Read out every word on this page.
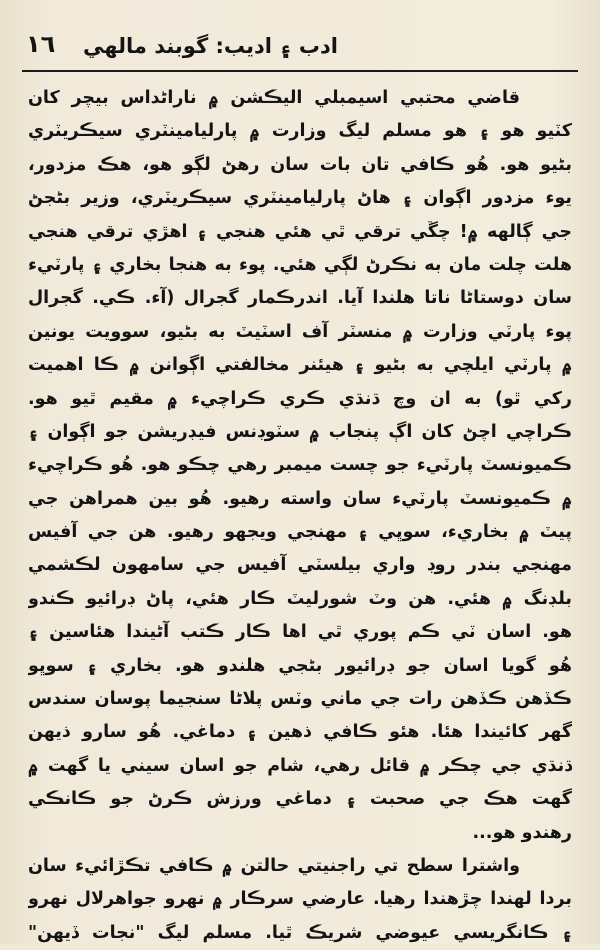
١٦ ادب ۽ اديب: گوبند مالهي
قاضي محتبي اسيمبلي اليڪشن ۾ ناراڻداس بيچر کان
کٽيو هو ۽ هو مسلم ليگ وزارت ۾ پارليامينٽري سيڪريٽري
بڻيو هو. هُو ڪافي تان بات سان رهڻ لڳو هو، هڪ مزدور،
يوء مزدور اڳوان ۽ هاڻ پارليامينٽري سيڪريٽري، وزير بڻجڻ
جي ڳالهه ۾! چڱي ترقي ٿي هئي هنجي ۽ اهڙي ترقي هنجي
هلت چلت مان به نڪرڻ لڳي هئي. پوء به هنجا بخاري ۽ پارٽيء
سان دوستاڻا ناتا هلندا آيا. اندرڪمار گجرال (آء. ڪي. گجرال
پوء پارٽي وزارت ۾ منسٽر آف اسٽيٽ به بڻيو، سوويت يونين
۾ پارٽي ايلچي به بڻيو ۽ هيئنر مخالفتي اڳوانن ۾ ڪا اهميت
رکي ٿو) به ان وچ ڌنڌي ڪري ڪراچيء ۾ مقيم ٿيو هو.
ڪراچي اچڻ کان اڳ پنجاب ۾ سٽوڊنس فيڊريشن جو اڳوان ۽
ڪميونسٽ پارٽيء جو چست ميمبر رهي چڪو هو. هُو ڪراچيء
۾ ڪميونسٽ پارٽيء سان واسته رهيو. هُو بين همراهن جي
پيٽ ۾ بخاريء، سوڀي ۽ مهنجي ويجهو رهيو. هن جي آفيس
مهنجي بندر روڊ واري بيلسٽي آفيس جي سامهون لڪشمي
بلڊنگ ۾ هئي. هن وٽ شورليٽ ڪار هئي، پاڻ ڊرائيو ڪندو
هو. اسان ٽي ڪم پوري ٿي اها ڪار ڪتب آڻيندا هئاسين ۽
هُو گويا اسان جو ڊرائيور بڻجي هلندو هو. بخاري ۽ سوڀو
ڪڏهن ڪڏهن رات جي ماني وٽس پلاڻا سنجيما پوسان سندس
گهر کائيندا هئا. هئو ڪافي ذهين ۽ دماغي. هُو سارو ذيهن
ڌنڌي جي چڪر ۾ قائل رهي، شام جو اسان سيني يا گهت ۾
گهت هڪ جي صحبت ۽ دماغي ورزش ڪرڻ جو ڪانڪي
رهندو هو...
واشترا سطح تي راجنيتي حالتن ۾ ڪافي تڪڙائيء سان
بردا لهندا چڙهندا رهيا. عارضي سرڪار ۾ نهرو جواهرلال نهرو
۽ ڪانگريسي عيوضي شريڪ ٿيا. مسلم ليگ "نجات ڏيهن"
